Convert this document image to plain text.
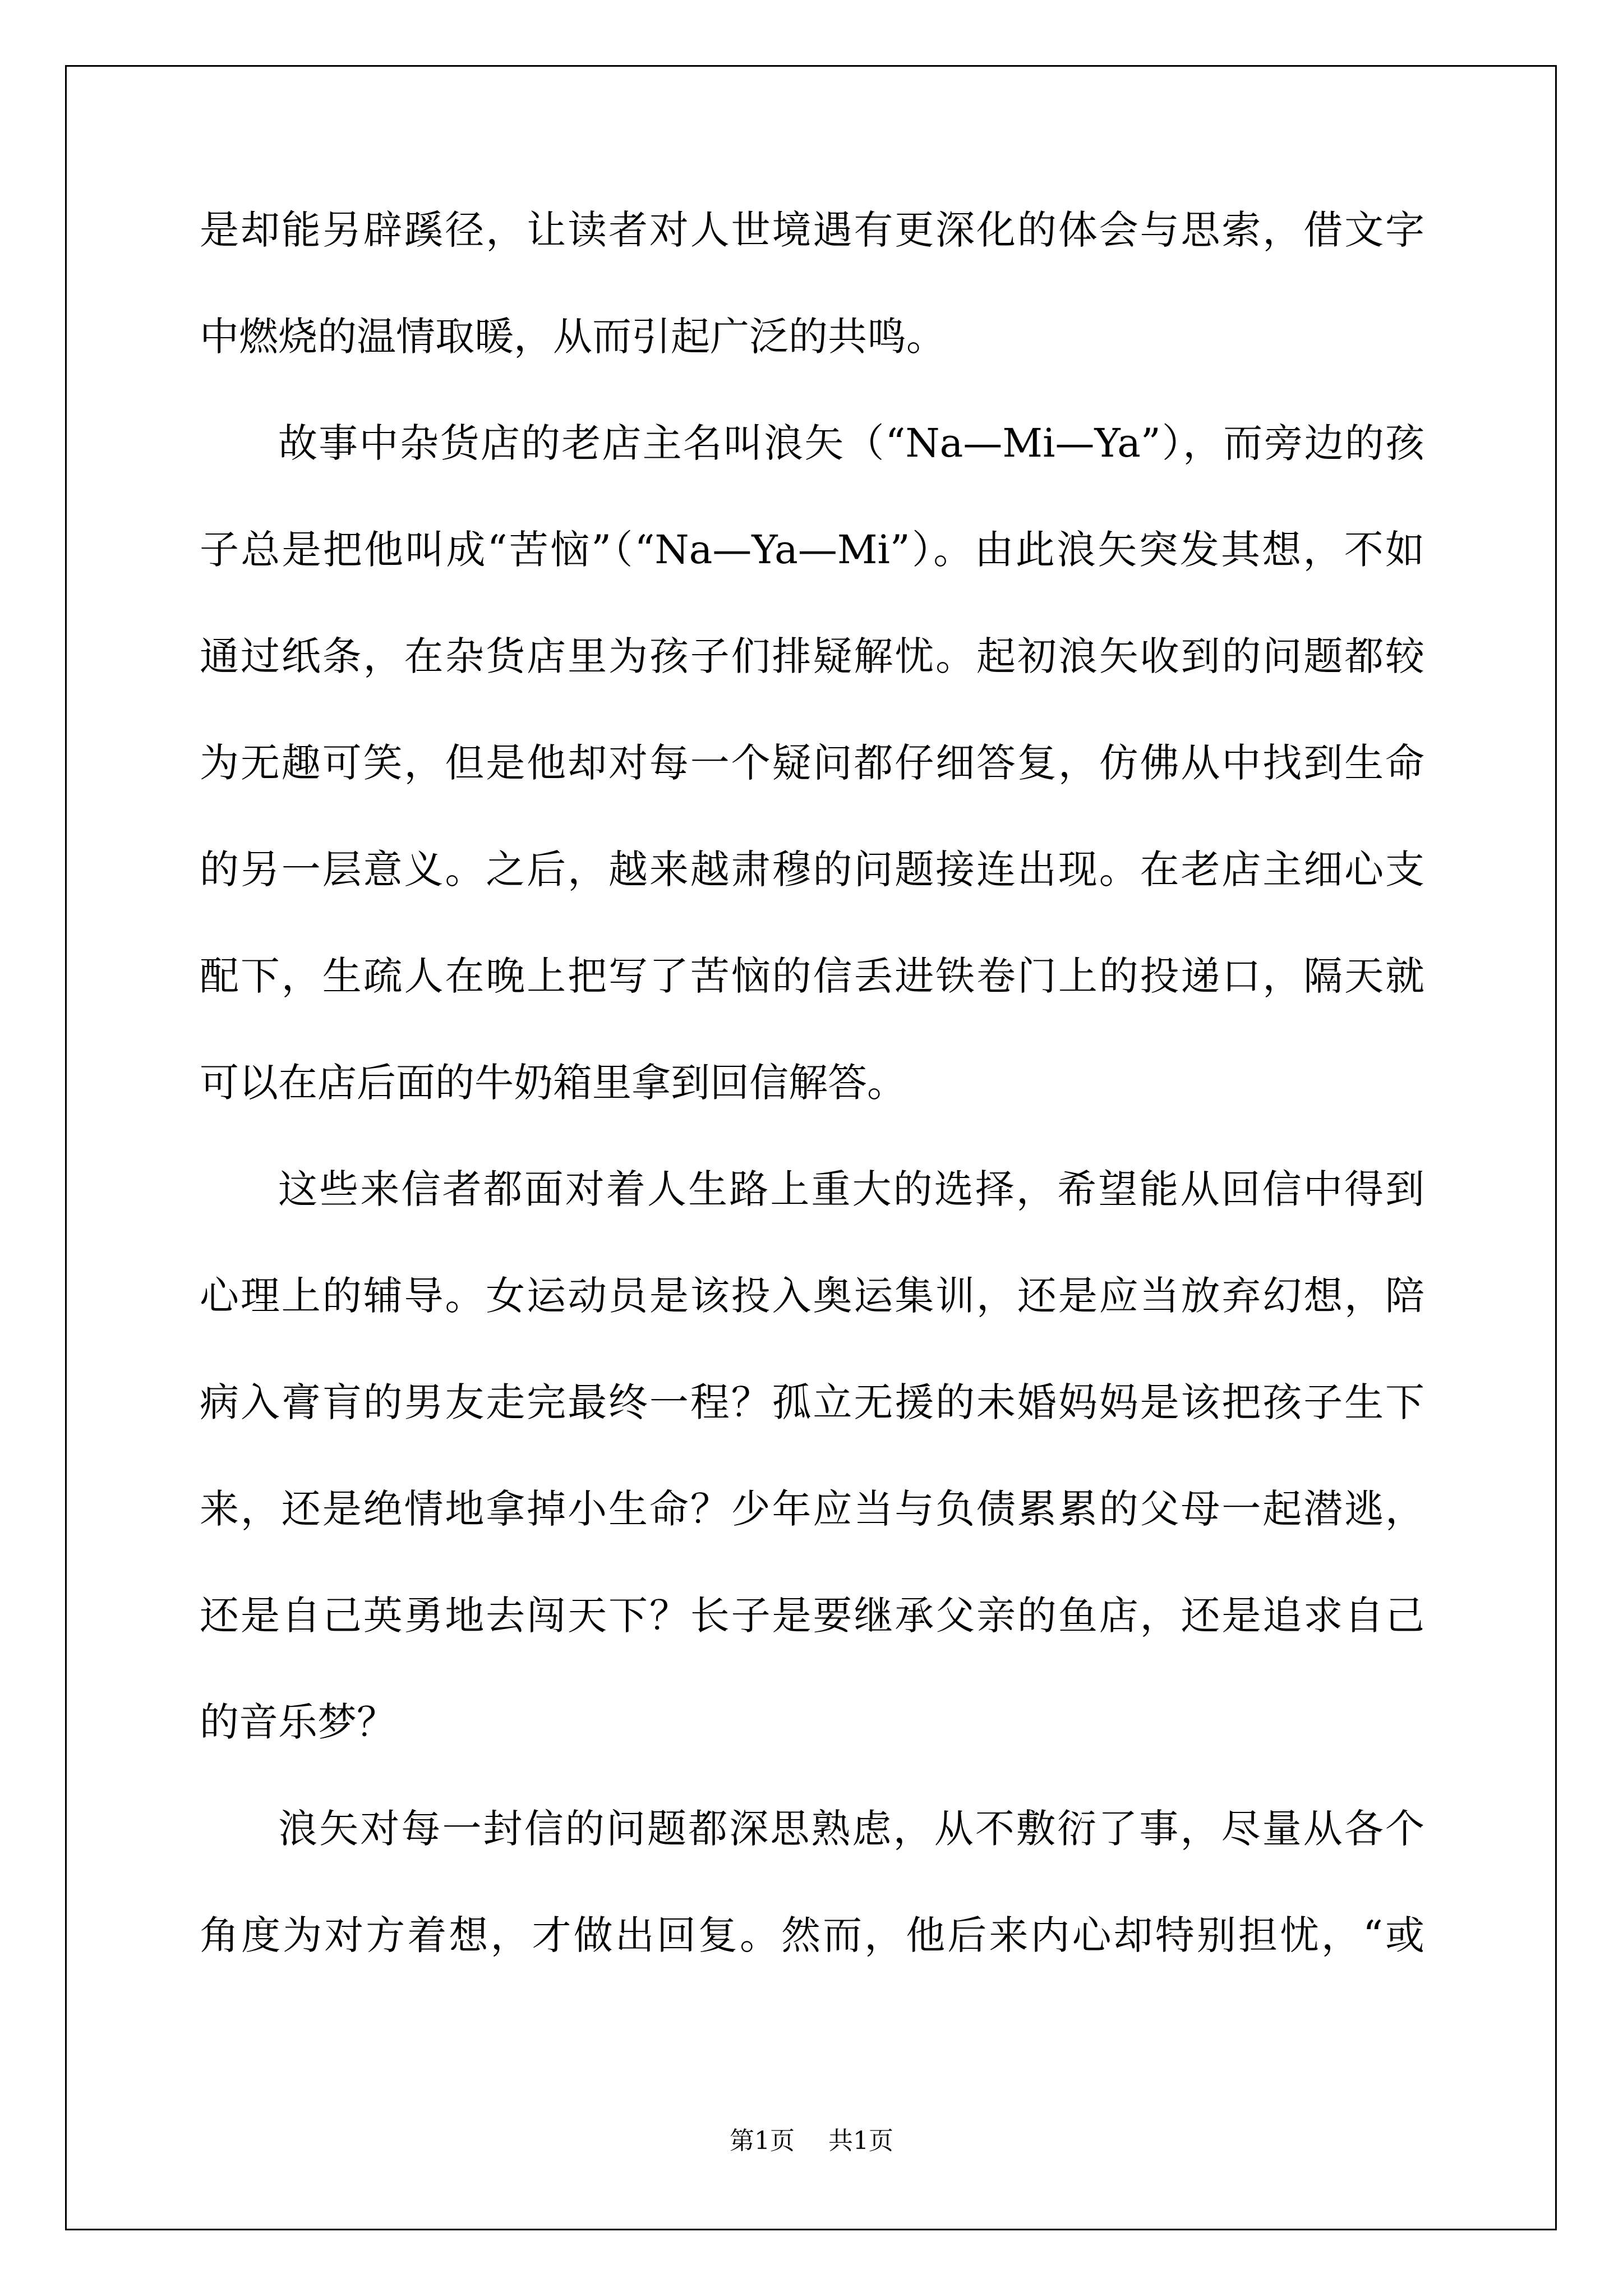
是却能另辟蹊径，让读者对人世境遇有更深化的体会与思索，借文字
中燃烧的温情取暖，从而引起广泛的共鸣。
故事中杂货店的老店主名叫浪矢（“Na—Mi—Ya”），而旁边的孩
子总是把他叫成“苦恼”（“Na—Ya—Mi”）。由此浪矢突发其想，不如
通过纸条，在杂货店里为孩子们排疑解忧。起初浪矢收到的问题都较
为无趣可笑，但是他却对每一个疑问都仔细答复，仿佛从中找到生命
的另一层意义。之后，越来越肃穆的问题接连出现。在老店主细心支
配下，生疏人在晚上把写了苦恼的信丢进铁卷门上的投递口，隔天就
可以在店后面的牛奶箱里拿到回信解答。
这些来信者都面对着人生路上重大的选择，希望能从回信中得到
心理上的辅导。女运动员是该投入奥运集训，还是应当放弃幻想，陪
病入膏肓的男友走完最终一程？孤立无援的未婚妈妈是该把孩子生下
来，还是绝情地拿掉小生命？少年应当与负债累累的父母一起潜逃，
还是自己英勇地去闯天下？长子是要继承父亲的鱼店，还是追求自己
的音乐梦？
浪矢对每一封信的问题都深思熟虑，从不敷衍了事，尽量从各个
角度为对方着想，才做出回复。然而，他后来内心却特别担忧，“或
第1页 共1页
